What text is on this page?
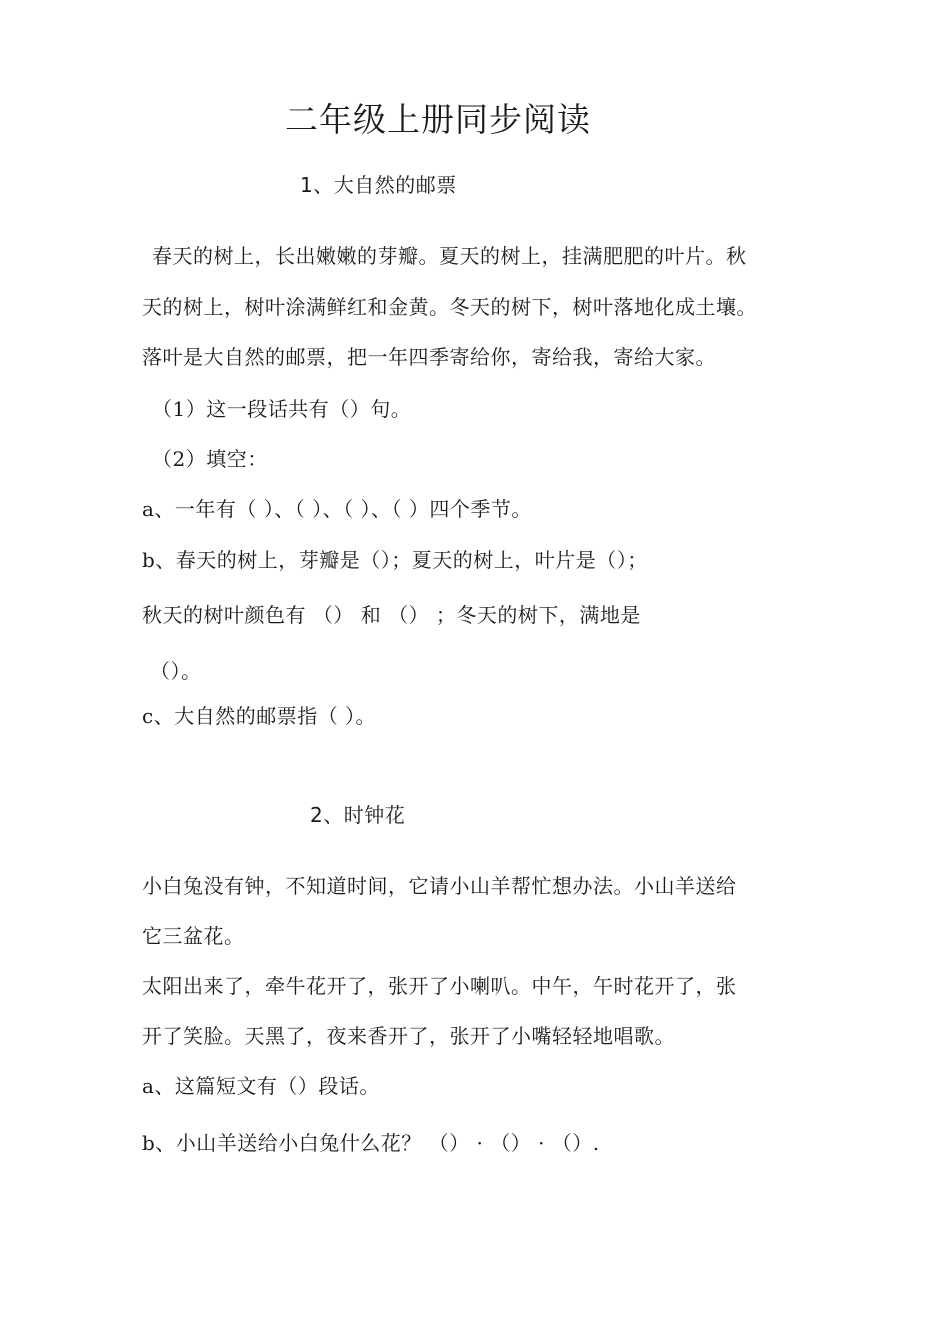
二年级上册同步阅读
1、大自然的邮票
春天的树上，长出嫩嫩的芽瓣。夏天的树上，挂满肥肥的叶片。秋
天的树上，树叶涂满鲜红和金黄。冬天的树下，树叶落地化成土壤。
落叶是大自然的邮票，把一年四季寄给你，寄给我，寄给大家。
（1）这一段话共有（）句。
（2）填空：
a、一年有（ ）、（ ）、（ ）、（ ）四个季节。
b、春天的树上，芽瓣是（）；夏天的树上，叶片是（）；
秋天的树叶颜色有 （） 和 （） ；冬天的树下，满地是
（）。
c、大自然的邮票指（ ）。
2、时钟花
小白兔没有钟，不知道时间，它请小山羊帮忙想办法。小山羊送给
它三盆花。
太阳出来了，牵牛花开了，张开了小喇叭。中午，午时花开了，张
开了笑脸。天黑了，夜来香开了，张开了小嘴轻轻地唱歌。
a、这篇短文有（）段话。
b、小山羊送给小白兔什么花？ （） · （） · （）.
